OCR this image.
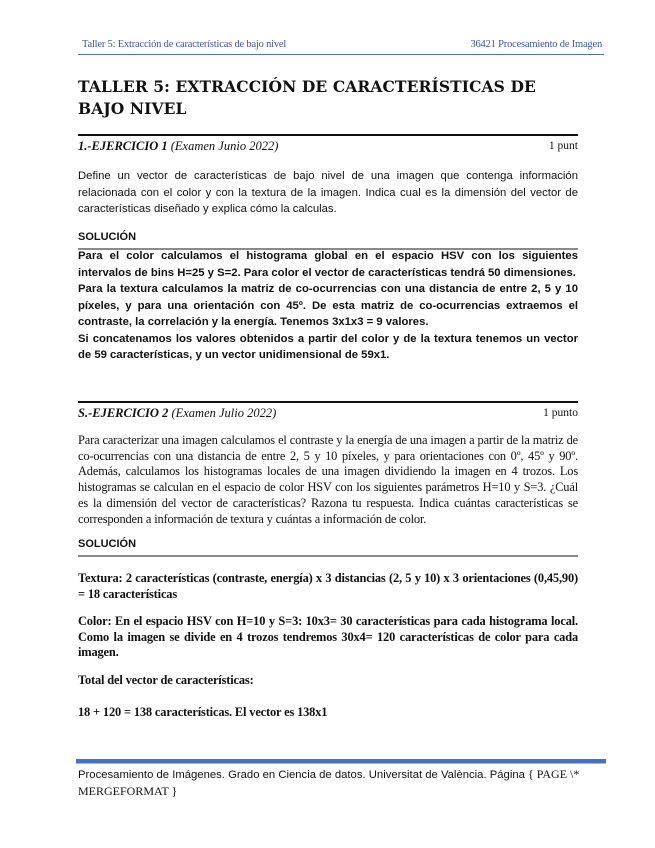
Taller 5: Extracción de características de bajo nivel	36421 Procesamiento de Imagen
TALLER 5: EXTRACCIÓN DE CARACTERÍSTICAS DE BAJO NIVEL
1.-EJERCICIO 1 (Examen Junio 2022)	1 punt
Define un vector de características de bajo nivel de una imagen que contenga información relacionada con el color y con la textura de la imagen. Indica cual es la dimensión del vector de características diseñado y explica cómo la calculas.
SOLUCIÓN
Para el color calculamos el histograma global en el espacio HSV con los siguientes intervalos de bins H=25 y S=2. Para color el vector de características tendrá 50 dimensiones.
Para la textura calculamos la matriz de co-ocurrencias con una distancia de entre 2, 5 y 10 píxeles, y para una orientación con 45º. De esta matriz de co-ocurrencias extraemos el contraste, la correlación y la energía. Tenemos 3x1x3 = 9 valores.
Si concatenamos los valores obtenidos a partir del color y de la textura tenemos un vector de 59 características, y un vector unidimensional de 59x1.
S.-EJERCICIO 2 (Examen Julio 2022)	1 punto
Para caracterizar una imagen calculamos el contraste y la energía de una imagen a partir de la matriz de co-ocurrencias con una distancia de entre 2, 5 y 10 píxeles, y para orientaciones con 0º, 45º y 90º. Además, calculamos los histogramas locales de una imagen dividiendo la imagen en 4 trozos. Los histogramas se calculan en el espacio de color HSV con los siguientes parámetros H=10 y S=3. ¿Cuál es la dimensión del vector de características? Razona tu respuesta. Indica cuántas características se corresponden a información de textura y cuántas a información de color.
SOLUCIÓN
Textura: 2 características (contraste, energía) x 3 distancias (2, 5 y 10) x 3 orientaciones (0,45,90) = 18 características
Color: En el espacio HSV con H=10 y S=3: 10x3= 30 características para cada histograma local. Como la imagen se divide en 4 trozos tendremos 30x4= 120 características de color para cada imagen.
Total del vector de características:
18 + 120 = 138 características. El vector es 138x1
Procesamiento de Imágenes. Grado en Ciencia de datos. Universitat de València. Página { PAGE \* MERGEFORMAT }
